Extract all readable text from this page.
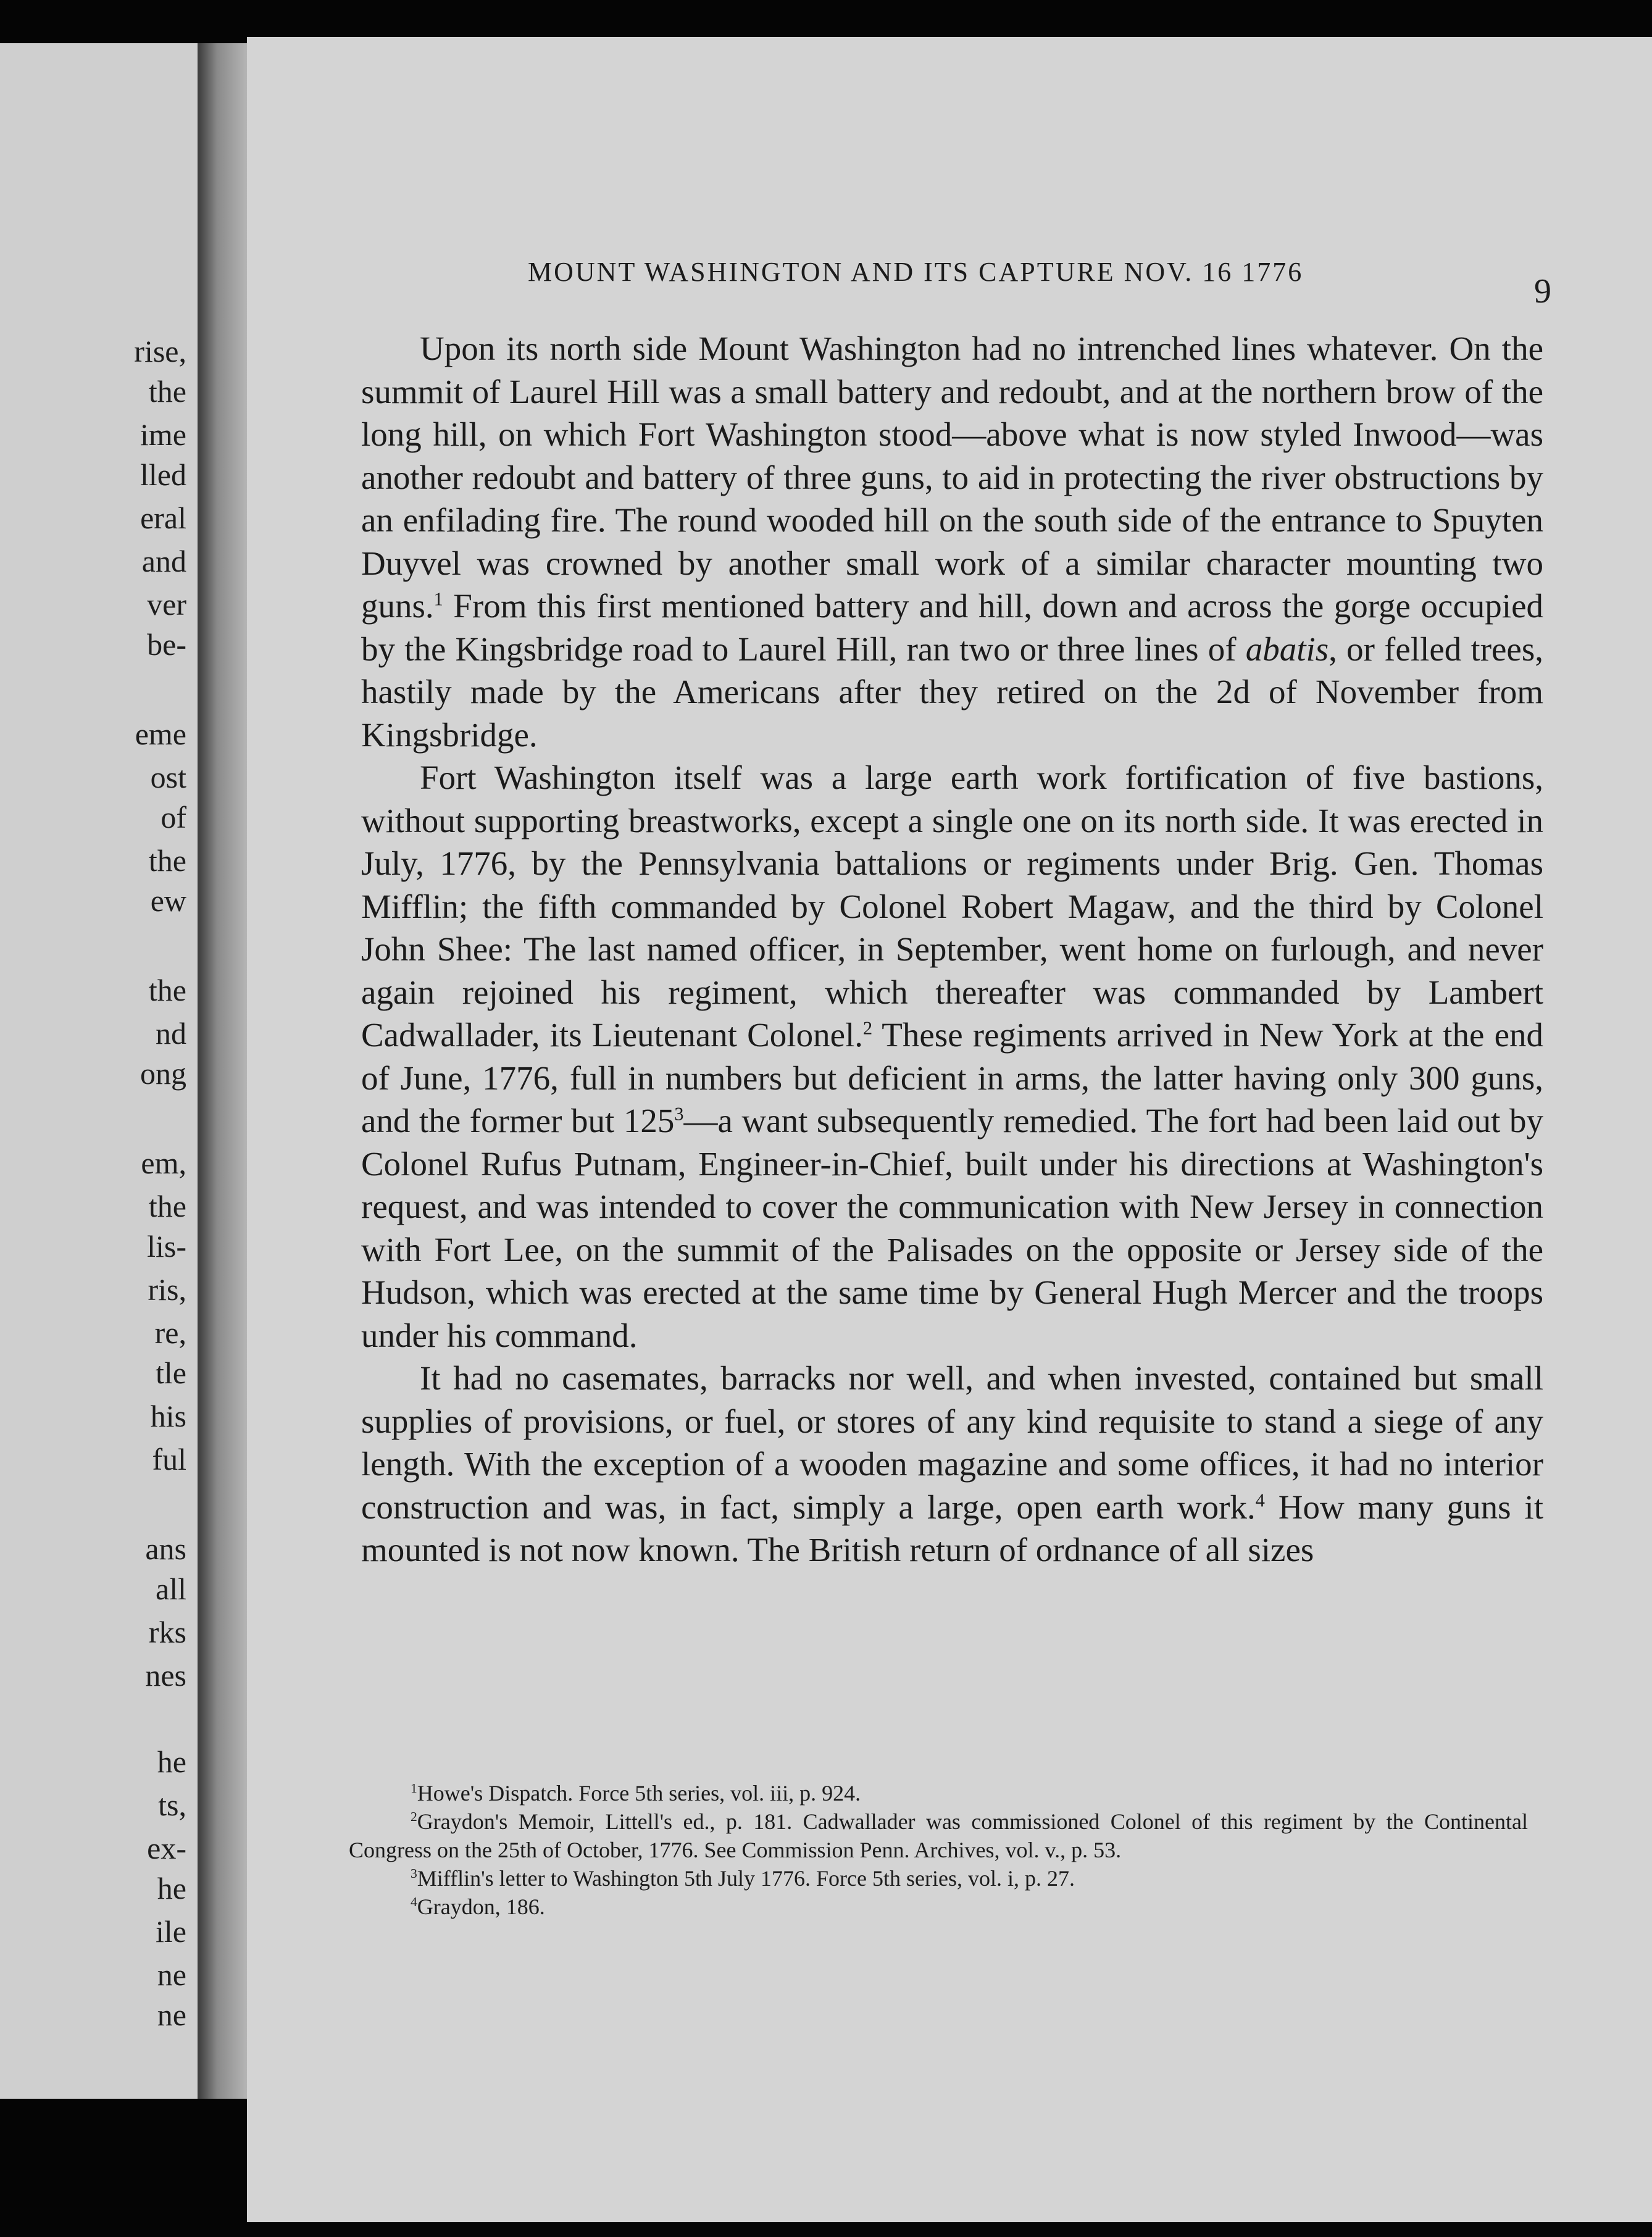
rise,
the
ime
lled
eral
and
ver
be-
eme
ost
of
the
ew
the
nd
ong
em,
the
lis-
ris,
re,
tle
his
ful
ans
all
rks
nes
he
ts,
ex-
he
ile
ne
ne
MOUNT WASHINGTON AND ITS CAPTURE NOV. 16 1776
9

Upon its north side Mount Washington had no intrenched lines whatever. On the summit of Laurel Hill was a small battery and redoubt, and at the northern brow of the long hill, on which Fort Washington stood—above what is now styled Inwood—was another redoubt and battery of three guns, to aid in protecting the river obstructions by an enfilading fire. The round wooded hill on the south side of the entrance to Spuyten Duyvel was crowned by another small work of a similar character mounting two guns.$^1$ From this first mentioned battery and hill, down and across the gorge occupied by the Kingsbridge road to Laurel Hill, ran two or three lines of abatis, or felled trees, hastily made by the Americans after they retired on the 2d of November from Kingsbridge.

Fort Washington itself was a large earth work fortification of five bastions, without supporting breastworks, except a single one on its north side. It was erected in July, 1776, by the Pennsylvania battalions or regiments under Brig. Gen. Thomas Mifflin; the fifth commanded by Colonel Robert Magaw, and the third by Colonel John Shee: The last named officer, in September, went home on furlough, and never again rejoined his regiment, which thereafter was commanded by Lambert Cadwallader, its Lieutenant Colonel.$^2$ These regiments arrived in New York at the end of June, 1776, full in numbers but deficient in arms, the latter having only 300 guns, and the former but $125^3—a$ want subsequently remedied. The fort had been laid out by Colonel Rufus Putnam, Engineer-in-Chief, built under his directions at Washington's request, and was intended to cover the communication with New Jersey in connection with Fort Lee, on the summit of the Palisades on the opposite or Jersey side of the Hudson, which was erected at the same time by General Hugh Mercer and the troops under his command.

It had no casemates, barracks nor well, and when invested, contained but small supplies of provisions, or fuel, or stores of any kind requisite to stand a siege of any length. With the exception of a wooden magazine and some offices, it had no interior construction and was, in fact, simply a large, open earth work.$^4$ How many guns it mounted is not now known. The British return of ordnance of all sizes

$^1$Howe's Dispatch. Force 5th series, vol. iii, p. 924.

$^2$Graydon's Memoir, Littell's ed., p. 181. Cadwallader was commissioned Colonel of this regiment by the Continental Congress on the 25th of October, 1776. See Commission Penn. Archives, vol. v., p. 53.

$^3$Mifflin's letter to Washington 5th July 1776. Force 5th series, vol. i, p. 27.

$^4$Graydon, 186.
